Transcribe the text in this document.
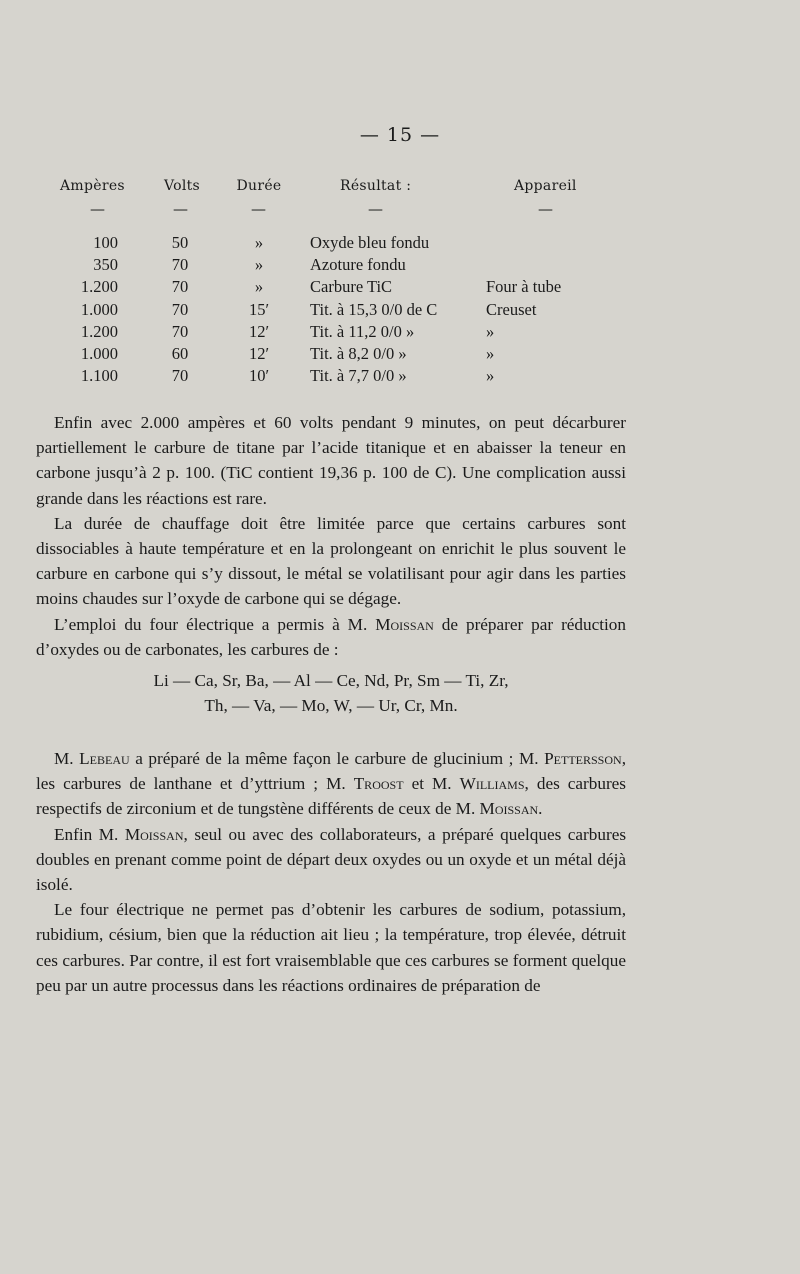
— 15 —
Ampères	Volts	Durée	Résultat :	Appareil
—	—	—	—	—
100	50	»	Oxyde bleu fondu
350	70	»	Azoture fondu
1.200	70	»	Carbure TiC	Four à tube
1.000	70	15′	Tit. à 15,3 0/0 de C	Creuset
1.200	70	12′	Tit. à 11,2 0/0 »	»
1.000	60	12′	Tit. à 8,2 0/0 »	»
1.100	70	10′	Tit. à 7,7 0/0 »	»

Enfin avec 2.000 ampères et 60 volts pendant 9 minutes, on peut décarburer partiellement le carbure de titane par l’acide titanique et en abaisser la teneur en carbone jusqu’à 2 p. 100. (TiC contient 19,36 p. 100 de C). Une complication aussi grande dans les réactions est rare.

La durée de chauffage doit être limitée parce que certains carbures sont dissociables à haute température et en la prolongeant on enrichit le plus souvent le carbure en carbone qui s’y dissout, le métal se volatilisant pour agir dans les parties moins chaudes sur l’oxyde de carbone qui se dégage.

L’emploi du four électrique a permis à M. Moissan de préparer par réduction d’oxydes ou de carbonates, les carbures de :

Li — Ca, Sr, Ba, — Al — Ce, Nd, Pr, Sm — Ti, Zr,
Th, — Va, — Mo, W, — Ur, Cr, Mn.

M. Lebeau a préparé de la même façon le carbure de glucinium ; M. Pettersson, les carbures de lanthane et d’yttrium ; M. Troost et M. Williams, des carbures respectifs de zirconium et de tungstène différents de ceux de M. Moissan.

Enfin M. Moissan, seul ou avec des collaborateurs, a préparé quelques carbures doubles en prenant comme point de départ deux oxydes ou un oxyde et un métal déjà isolé.

Le four électrique ne permet pas d’obtenir les carbures de sodium, potassium, rubidium, césium, bien que la réduction ait lieu ; la température, trop élevée, détruit ces carbures. Par contre, il est fort vraisemblable que ces carbures se forment quelque peu par un autre processus dans les réactions ordinaires de préparation de
